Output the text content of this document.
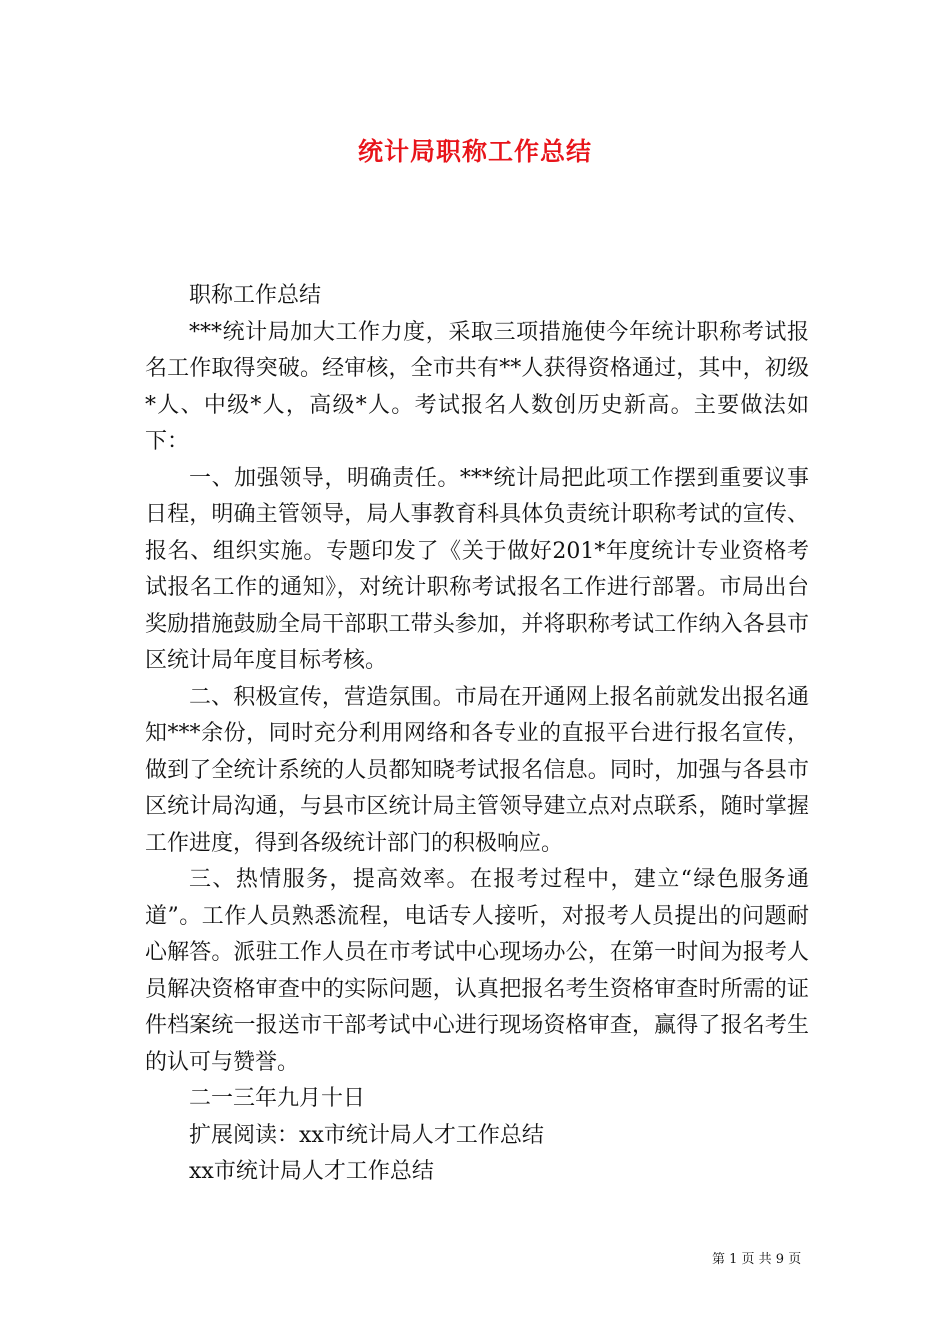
统计局职称工作总结

职称工作总结

***统计局加大工作力度，采取三项措施使今年统计职称考试报名工作取得突破。经审核，全市共有**人获得资格通过，其中，初级*人、中级*人，高级*人。考试报名人数创历史新高。主要做法如下：

一、加强领导，明确责任。***统计局把此项工作摆到重要议事日程，明确主管领导，局人事教育科具体负责统计职称考试的宣传、报名、组织实施。专题印发了《关于做好201*年度统计专业资格考试报名工作的通知》，对统计职称考试报名工作进行部署。市局出台奖励措施鼓励全局干部职工带头参加，并将职称考试工作纳入各县市区统计局年度目标考核。

二、积极宣传，营造氛围。市局在开通网上报名前就发出报名通知***余份，同时充分利用网络和各专业的直报平台进行报名宣传，做到了全统计系统的人员都知晓考试报名信息。同时，加强与各县市区统计局沟通，与县市区统计局主管领导建立点对点联系，随时掌握工作进度，得到各级统计部门的积极响应。

三、热情服务，提高效率。在报考过程中，建立“绿色服务通道”。工作人员熟悉流程，电话专人接听，对报考人员提出的问题耐心解答。派驻工作人员在市考试中心现场办公，在第一时间为报考人员解决资格审查中的实际问题，认真把报名考生资格审查时所需的证件档案统一报送市干部考试中心进行现场资格审查，赢得了报名考生的认可与赞誉。

二一三年九月十日

扩展阅读：xx市统计局人才工作总结

xx市统计局人才工作总结

第 1 页 共 9 页
